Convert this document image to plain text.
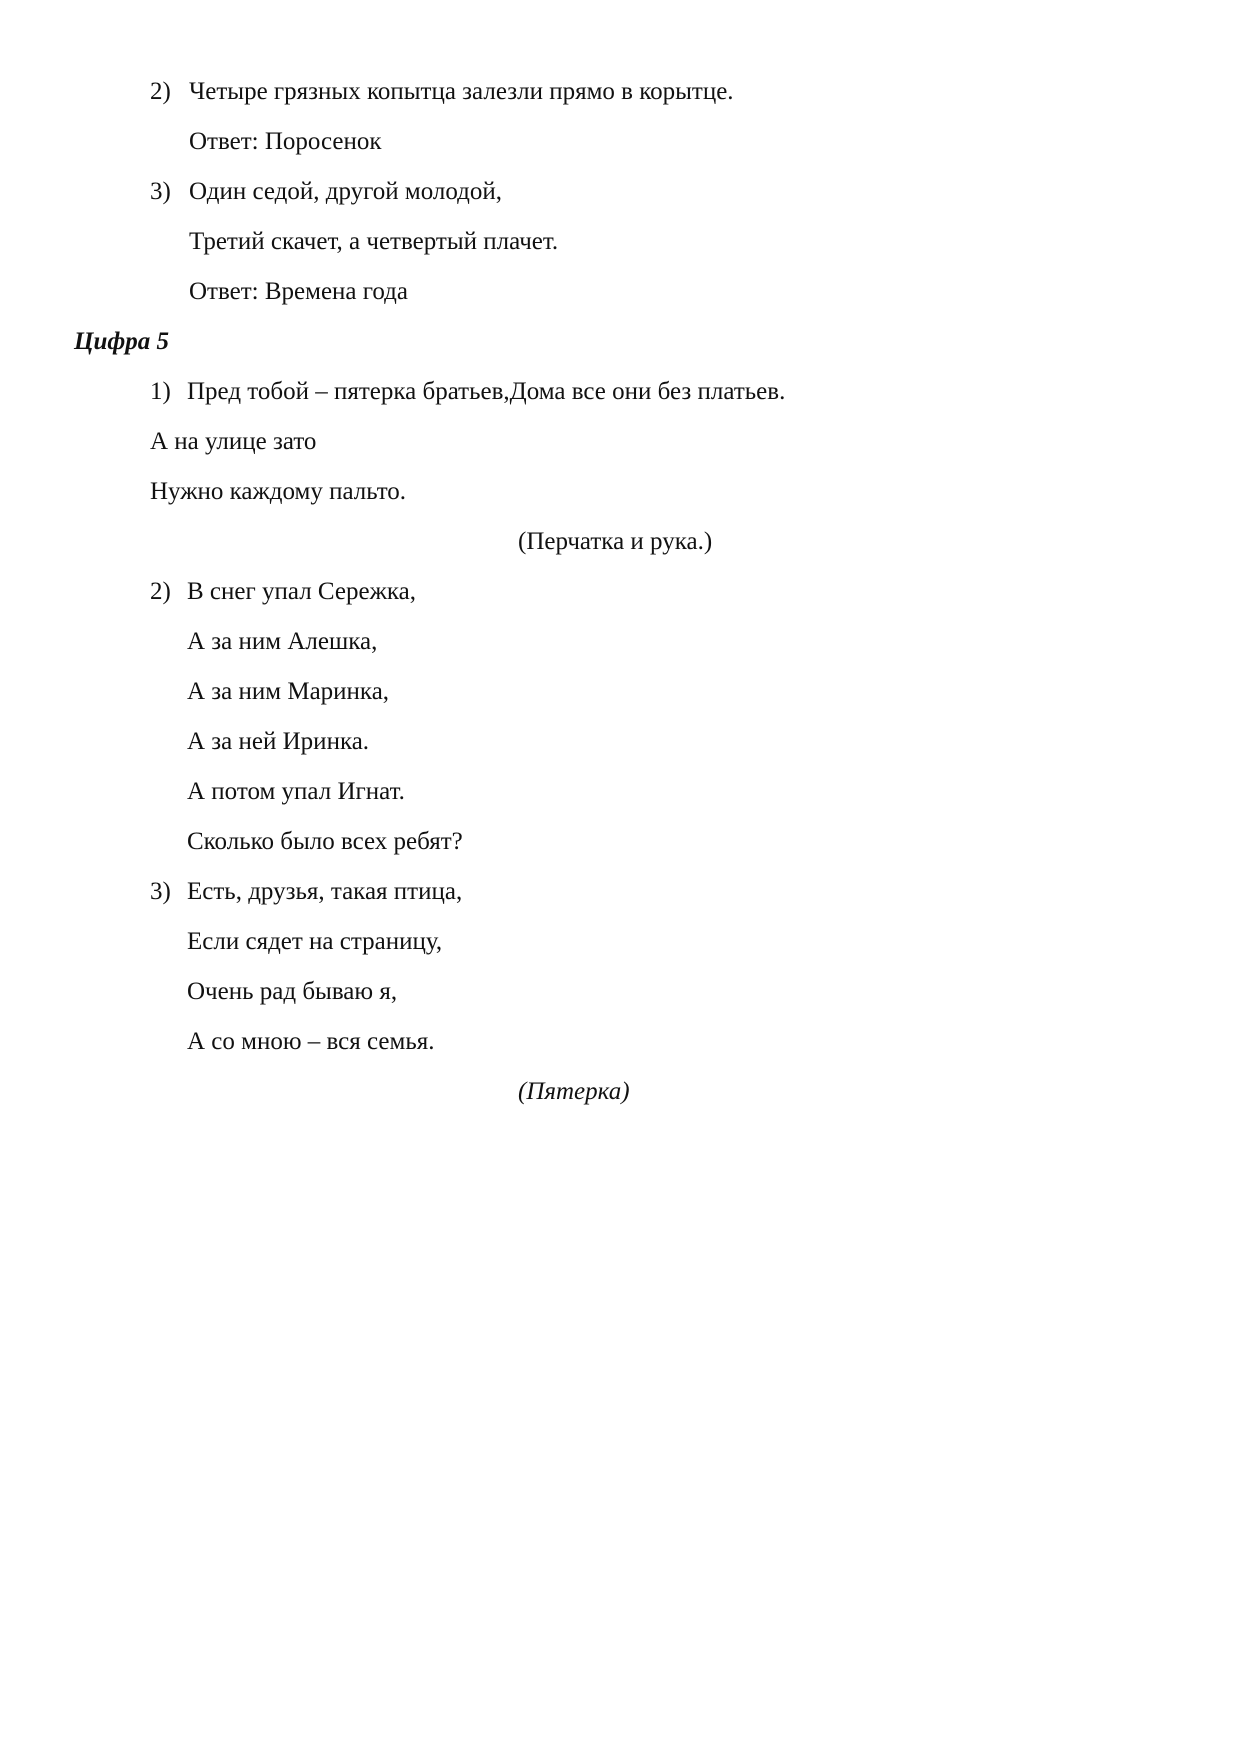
2) Четыре грязных копытца залезли прямо в корытце.
Ответ: Поросенок
3) Один седой, другой молодой,
Третий скачет, а четвертый плачет.
Ответ: Времена года
Цифра 5
1) Пред тобой – пятерка братьев,Дома все они без платьев.
А на улице зато
Нужно каждому пальто.
(Перчатка и рука.)
2) В снег упал Сережка,
А за ним Алешка,
А за ним Маринка,
А за ней Иринка.
А потом упал Игнат.
Сколько было всех ребят?
3) Есть, друзья, такая птица,
Если сядет на страницу,
Очень рад бываю я,
А со мною – вся семья.
(Пятерка)
